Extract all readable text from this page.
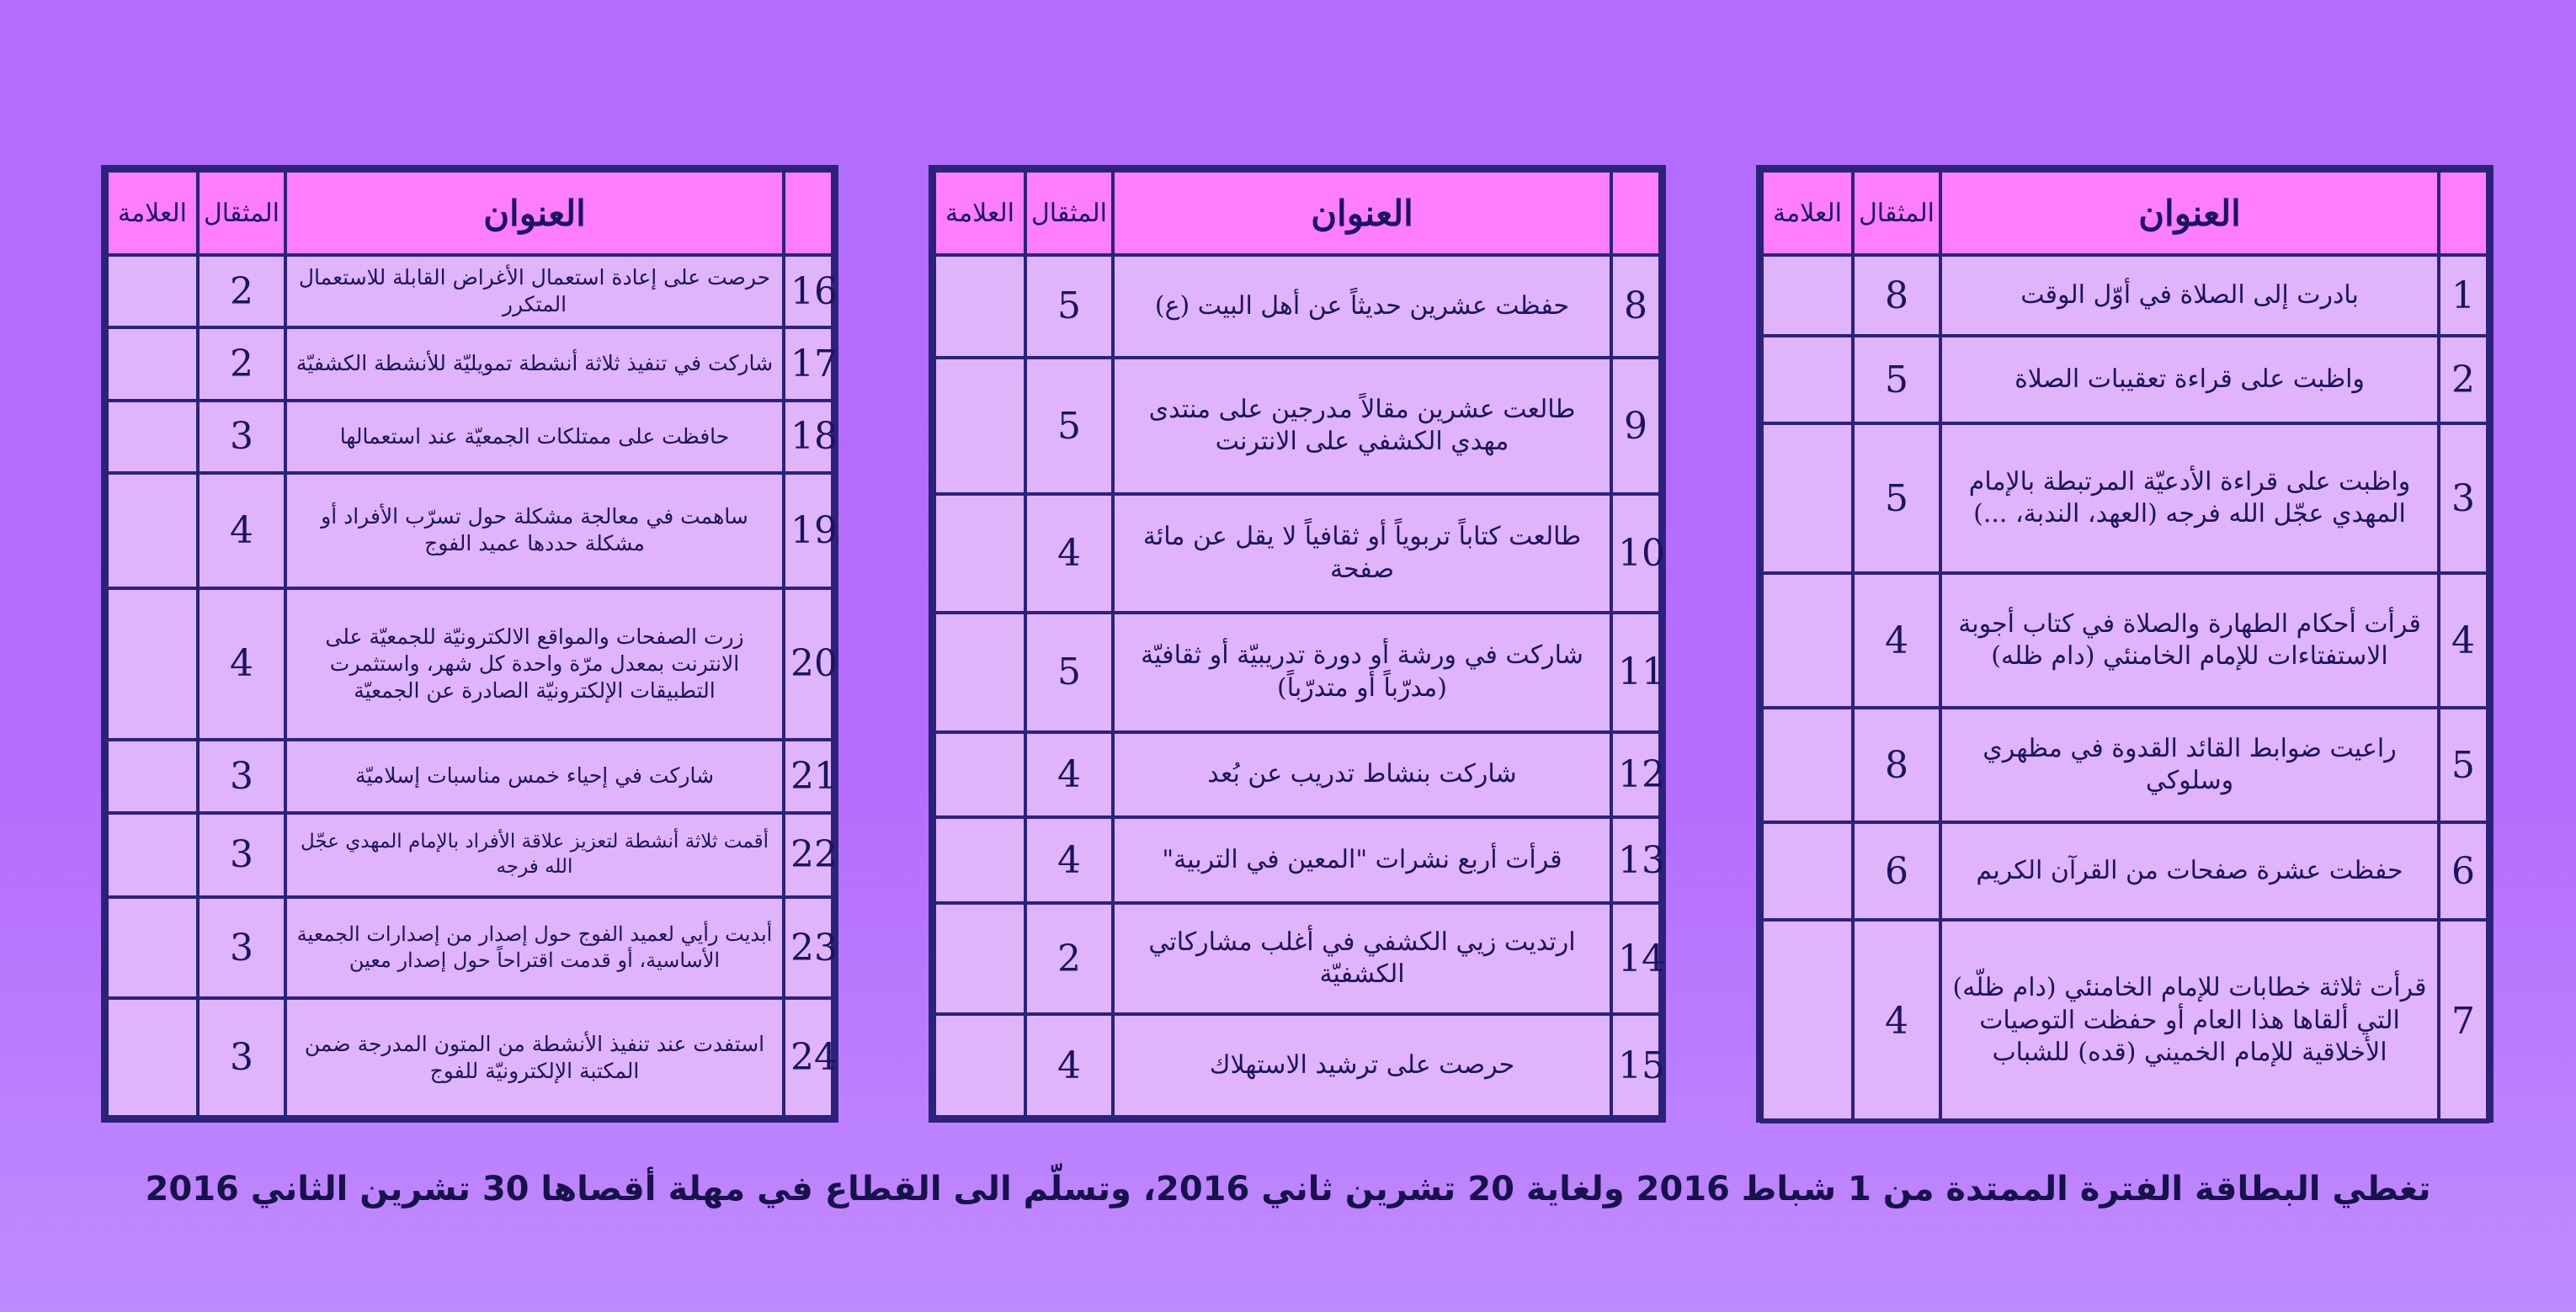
العلامة	المثقال	العنوان	
	8	بادرت إلى الصلاة في أوّل الوقت	1
	5	واظبت على قراءة تعقيبات الصلاة	2
	5	واظبت على قراءة الأدعيّة المرتبطة بالإمام المهدي عجّل الله فرجه (العهد، الندبة، ...)	3
	4	قرأت أحكام الطهارة والصلاة في كتاب أجوبة الاستفتاءات للإمام الخامنئي (دام ظله)	4
	8	راعيت ضوابط القائد القدوة في مظهري وسلوكي	5
	6	حفظت عشرة صفحات من القرآن الكريم	6
	4	قرأت ثلاثة خطابات للإمام الخامنئي (دام ظلّه) التي ألقاها هذا العام أو حفظت التوصيات الأخلاقية للإمام الخميني (قده) للشباب	7
العلامة	المثقال	العنوان	
	5	حفظت عشرين حديثاً عن أهل البيت (ع)	8
	5	طالعت عشرين مقالاً مدرجين على منتدى مهدي الكشفي على الانترنت	9
	4	طالعت كتاباً تربوياً أو ثقافياً لا يقل عن مائة صفحة	10
	5	شاركت في ورشة أو دورة تدريبيّة أو ثقافيّة (مدرّباً أو متدرّباً)	11
	4	شاركت بنشاط تدريب عن بُعد	12
	4	قرأت أربع نشرات "المعين في التربية"	13
	2	ارتديت زيي الكشفي في أغلب مشاركاتي الكشفيّة	14
	4	حرصت على ترشيد الاستهلاك	15
العلامة	المثقال	العنوان	
	2	حرصت على إعادة استعمال الأغراض القابلة للاستعمال المتكرر	16
	2	شاركت في تنفيذ ثلاثة أنشطة تمويليّة للأنشطة الكشفيّة	17
	3	حافظت على ممتلكات الجمعيّة عند استعمالها	18
	4	ساهمت في معالجة مشكلة حول تسرّب الأفراد أو مشكلة حددها عميد الفوج	19
	4	زرت الصفحات والمواقع الالكترونيّة للجمعيّة على الانترنت بمعدل مرّة واحدة كل شهر، واستثمرت التطبيقات الإلكترونيّة الصادرة عن الجمعيّة	20
	3	شاركت في إحياء خمس مناسبات إسلاميّة	21
	3	أقمت ثلاثة أنشطة لتعزيز علاقة الأفراد بالإمام المهدي عجّل الله فرجه	22
	3	أبديت رأيي لعميد الفوج حول إصدار من إصدارات الجمعية الأساسية، أو قدمت اقتراحاً حول إصدار معين	23
	3	استفدت عند تنفيذ الأنشطة من المتون المدرجة ضمن المكتبة الإلكترونيّة للفوج	24
تغطي البطاقة الفترة الممتدة من 1 شباط 2016 ولغاية 20 تشرين ثاني 2016، وتسلّم الى القطاع في مهلة أقصاها 30 تشرين الثاني 2016
